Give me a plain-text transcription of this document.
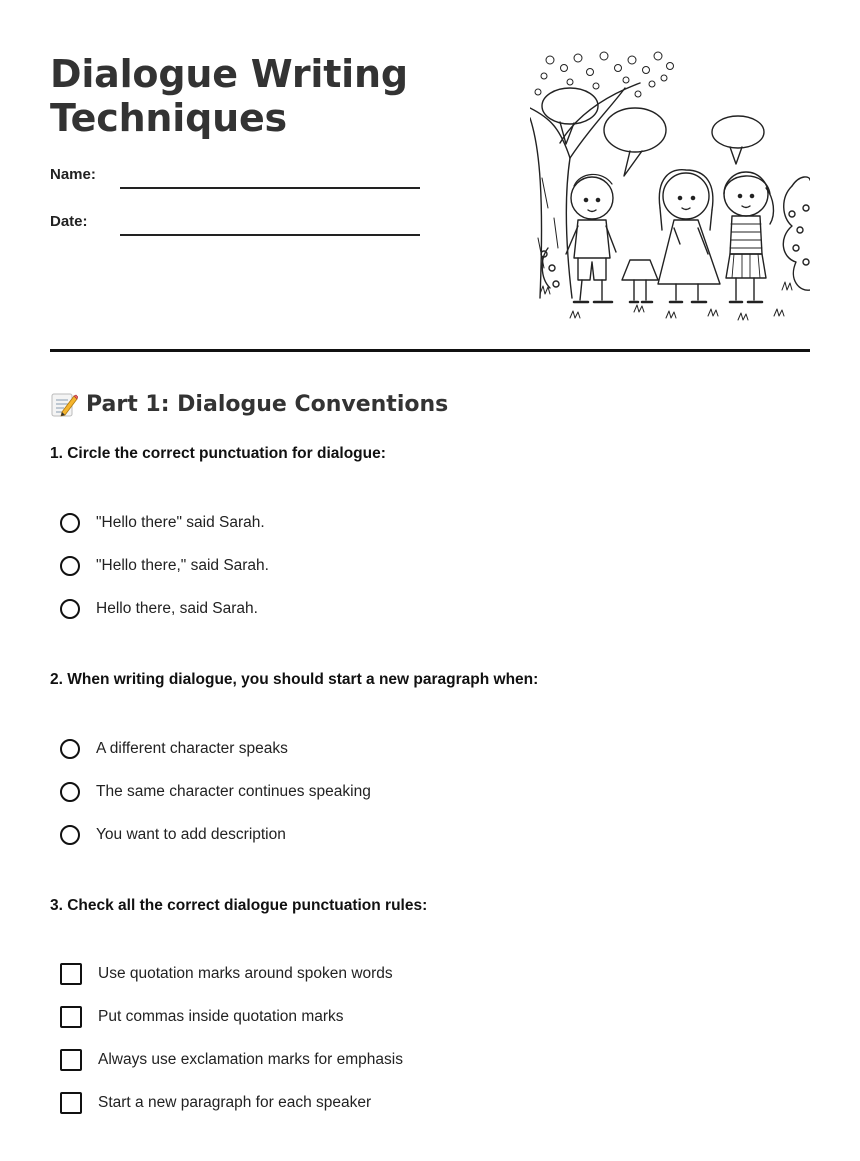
Dialogue Writing Techniques
Name:
Date:
Part 1: Dialogue Conventions
1. Circle the correct punctuation for dialogue:
"Hello there" said Sarah.
"Hello there," said Sarah.
Hello there, said Sarah.
2. When writing dialogue, you should start a new paragraph when:
A different character speaks
The same character continues speaking
You want to add description
3. Check all the correct dialogue punctuation rules:
Use quotation marks around spoken words
Put commas inside quotation marks
Always use exclamation marks for emphasis
Start a new paragraph for each speaker
